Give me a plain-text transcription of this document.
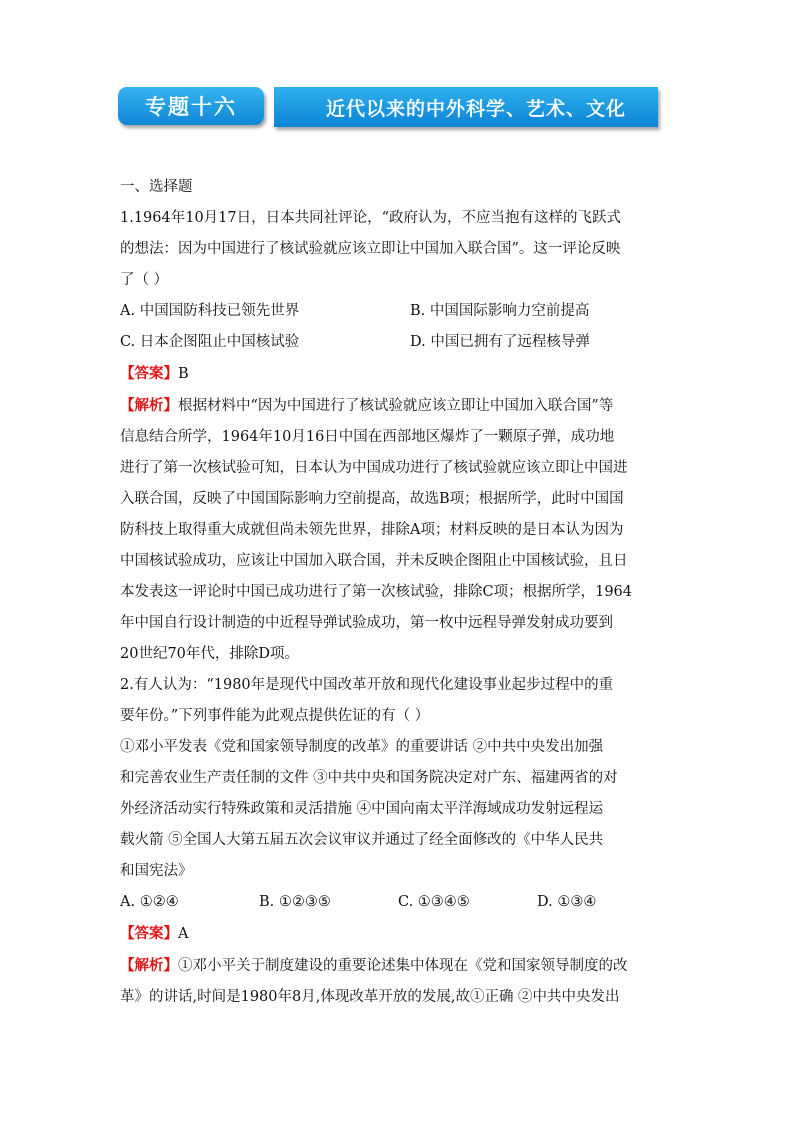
专题十六	近代以来的中外科学、艺术、文化
一、选择题
1.1964年10月17日，日本共同社评论，“政府认为，不应当抱有这样的飞跃式
的想法：因为中国进行了核试验就应该立即让中国加入联合国”。这一评论反映
了（ ）
A. 中国国防科技已领先世界	B. 中国国际影响力空前提高
C. 日本企图阻止中国核试验	D. 中国已拥有了远程核导弹
【答案】B
【解析】根据材料中“因为中国进行了核试验就应该立即让中国加入联合国”等
信息结合所学，1964年10月16日中国在西部地区爆炸了一颗原子弹，成功地
进行了第一次核试验可知，日本认为中国成功进行了核试验就应该立即让中国进
入联合国，反映了中国国际影响力空前提高，故选B项；根据所学，此时中国国
防科技上取得重大成就但尚未领先世界，排除A项；材料反映的是日本认为因为
中国核试验成功，应该让中国加入联合国，并未反映企图阻止中国核试验，且日
本发表这一评论时中国已成功进行了第一次核试验，排除C项；根据所学，1964
年中国自行设计制造的中近程导弹试验成功，第一枚中远程导弹发射成功要到
20世纪70年代，排除D项。
2.有人认为：“1980年是现代中国改革开放和现代化建设事业起步过程中的重
要年份。”下列事件能为此观点提供佐证的有（ ）
①邓小平发表《党和国家领导制度的改革》的重要讲话 ②中共中央发出加强
和完善农业生产责任制的文件 ③中共中央和国务院决定对广东、福建两省的对
外经济活动实行特殊政策和灵活措施 ④中国向南太平洋海域成功发射远程运
载火箭 ⑤全国人大第五届五次会议审议并通过了经全面修改的《中华人民共
和国宪法》
A. ①②④	B. ①②③⑤	C. ①③④⑤	D. ①③④
【答案】A
【解析】①邓小平关于制度建设的重要论述集中体现在《党和国家领导制度的改
革》的讲话,时间是1980年8月,体现改革开放的发展,故①正确 ②中共中央发出
